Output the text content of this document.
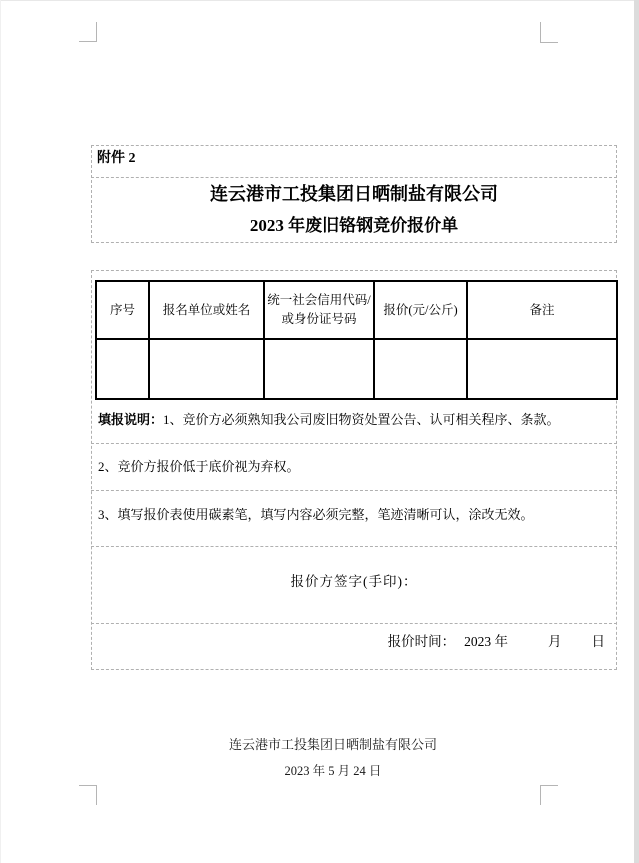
附件 2
连云港市工投集团日晒制盐有限公司
2023 年废旧铬钢竞价报价单
序号	报名单位或姓名	统一社会信用代码/或身份证号码	报价(元/公斤)	备注

填报说明：1、竞价方必须熟知我公司废旧物资处置公告、认可相关程序、条款。
2、竞价方报价低于底价视为弃权。
3、填写报价表使用碳素笔，填写内容必须完整，笔迹清晰可认，涂改无效。
报价方签字(手印)：
报价时间： 2023 年	月 日
连云港市工投集团日晒制盐有限公司
2023 年 5 月 24 日
